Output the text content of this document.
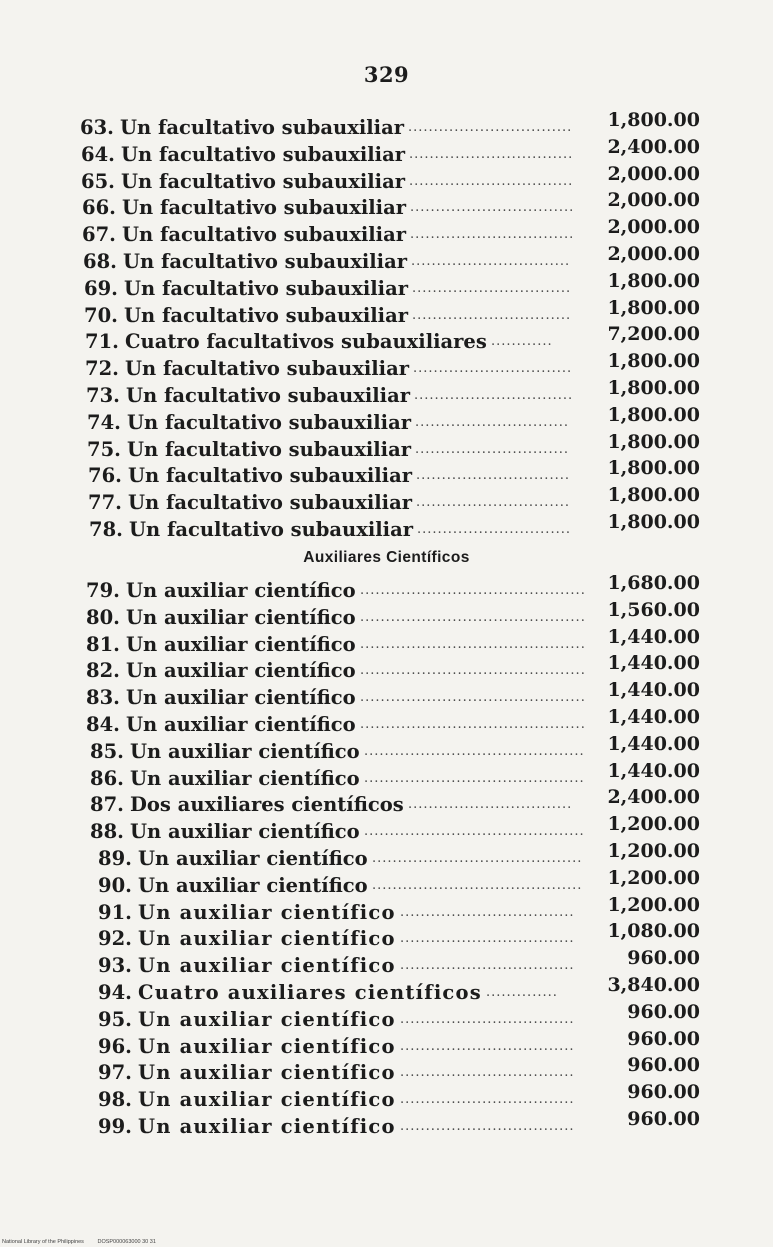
329
63. Un facultativo subauxiliar	1,800.00
................................
64. Un facultativo subauxiliar	2,400.00
................................
65. Un facultativo subauxiliar	2,000.00
................................
66. Un facultativo subauxiliar	2,000.00
................................
67. Un facultativo subauxiliar	2,000.00
................................
68. Un facultativo subauxiliar	2,000.00
...............................
69. Un facultativo subauxiliar	1,800.00
...............................
70. Un facultativo subauxiliar	1,800.00
...............................
71. Cuatro facultativos subauxiliares	7,200.00
............
72. Un facultativo subauxiliar	1,800.00
...............................
73. Un facultativo subauxiliar	1,800.00
...............................
74. Un facultativo subauxiliar	1,800.00
..............................
75. Un facultativo subauxiliar	1,800.00
..............................
76. Un facultativo subauxiliar	1,800.00
..............................
77. Un facultativo subauxiliar	1,800.00
..............................
78. Un facultativo subauxiliar	1,800.00
..............................
Auxiliares Científicos
79. Un auxiliar científico	1,680.00
............................................
80. Un auxiliar científico	1,560.00
............................................
81. Un auxiliar científico	1,440.00
............................................
82. Un auxiliar científico	1,440.00
............................................
83. Un auxiliar científico	1,440.00
............................................
84. Un auxiliar científico	1,440.00
............................................
85. Un auxiliar científico	1,440.00
...........................................
86. Un auxiliar científico	1,440.00
...........................................
87. Dos auxiliares científicos	2,400.00
................................
88. Un auxiliar científico	1,200.00
...........................................
89. Un auxiliar científico	1,200.00
.........................................
90. Un auxiliar científico	1,200.00
.........................................
91. Un auxiliar científico	1,200.00
..................................
92. Un auxiliar científico	1,080.00
..................................
93. Un auxiliar científico	960.00
..................................
94. Cuatro auxiliares científicos	3,840.00
..............
95. Un auxiliar científico	960.00
..................................
96. Un auxiliar científico	960.00
..................................
97. Un auxiliar científico	960.00
..................................
98. Un auxiliar científico	960.00
..................................
99. Un auxiliar científico	960.00
..................................
National Library of the Philippines DOSP000063000 30 31
